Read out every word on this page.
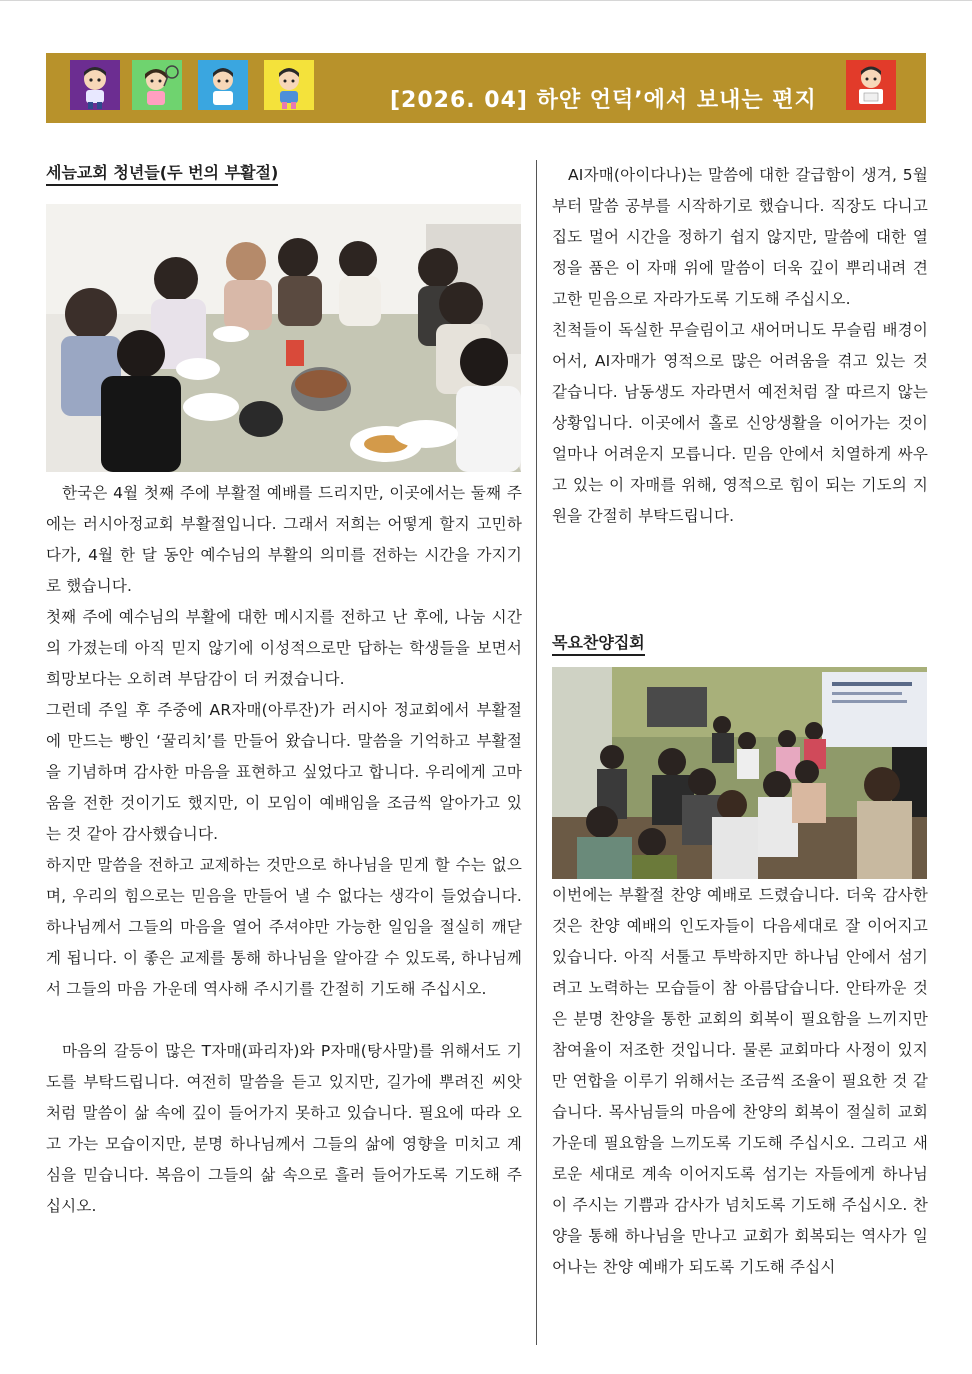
[2026. 04] 하얀 언덕’에서 보내는 편지
세늠교회 청년들(두 번의 부활절)

한국은 4월 첫째 주에 부활절 예배를 드리지만, 이곳에서는 둘째 주에는 러시아정교회 부활절입니다. 그래서 저희는 어떻게 할지 고민하다가, 4월 한 달 동안 예수님의 부활의 의미를 전하는 시간을 가지기로 했습니다.

첫째 주에 예수님의 부활에 대한 메시지를 전하고 난 후에, 나눔 시간의 가졌는데 아직 믿지 않기에 이성적으로만 답하는 학생들을 보면서 희망보다는 오히려 부담감이 더 커졌습니다.

그런데 주일 후 주중에 AR자매(아루잔)가 러시아 정교회에서 부활절에 만드는 빵인 ‘꿀리치’를 만들어 왔습니다. 말씀을 기억하고 부활절을 기념하며 감사한 마음을 표현하고 싶었다고 합니다. 우리에게 고마움을 전한 것이기도 했지만, 이 모임이 예배임을 조금씩 알아가고 있는 것 같아 감사했습니다.

하지만 말씀을 전하고 교제하는 것만으로 하나님을 믿게 할 수는 없으며, 우리의 힘으로는 믿음을 만들어 낼 수 없다는 생각이 들었습니다. 하나님께서 그들의 마음을 열어 주셔야만 가능한 일임을 절실히 깨닫게 됩니다. 이 좋은 교제를 통해 하나님을 알아갈 수 있도록, 하나님께서 그들의 마음 가운데 역사해 주시기를 간절히 기도해 주십시오.

마음의 갈등이 많은 T자매(파리자)와 P자매(탕사말)를 위해서도 기도를 부탁드립니다. 여전히 말씀을 듣고 있지만, 길가에 뿌려진 씨앗처럼 말씀이 삶 속에 깊이 들어가지 못하고 있습니다. 필요에 따라 오고 가는 모습이지만, 분명 하나님께서 그들의 삶에 영향을 미치고 계심을 믿습니다. 복음이 그들의 삶 속으로 흘러 들어가도록 기도해 주십시오.

AI자매(아이다나)는 말씀에 대한 갈급함이 생겨, 5월부터 말씀 공부를 시작하기로 했습니다. 직장도 다니고 집도 멀어 시간을 정하기 쉽지 않지만, 말씀에 대한 열정을 품은 이 자매 위에 말씀이 더욱 깊이 뿌리내려 견고한 믿음으로 자라가도록 기도해 주십시오.

친척들이 독실한 무슬림이고 새어머니도 무슬림 배경이어서, AI자매가 영적으로 많은 어려움을 겪고 있는 것 같습니다. 남동생도 자라면서 예전처럼 잘 따르지 않는 상황입니다. 이곳에서 홀로 신앙생활을 이어가는 것이 얼마나 어려운지 모릅니다. 믿음 안에서 치열하게 싸우고 있는 이 자매를 위해, 영적으로 힘이 되는 기도의 지원을 간절히 부탁드립니다.

목요찬양집회

이번에는 부활절 찬양 예배로 드렸습니다. 더욱 감사한 것은 찬양 예배의 인도자들이 다음세대로 잘 이어지고 있습니다. 아직 서툴고 투박하지만 하나님 안에서 섬기려고 노력하는 모습들이 참 아름답습니다. 안타까운 것은 분명 찬양을 통한 교회의 회복이 필요함을 느끼지만 참여율이 저조한 것입니다. 물론 교회마다 사정이 있지만 연합을 이루기 위해서는 조금씩 조율이 필요한 것 같습니다. 목사님들의 마음에 찬양의 회복이 절실히 교회 가운데 필요함을 느끼도록 기도해 주십시오. 그리고 새로운 세대로 계속 이어지도록 섬기는 자들에게 하나님이 주시는 기쁨과 감사가 넘치도록 기도해 주십시오. 찬양을 통해 하나님을 만나고 교회가 회복되는 역사가 일어나는 찬양 예배가 되도록 기도해 주십시
